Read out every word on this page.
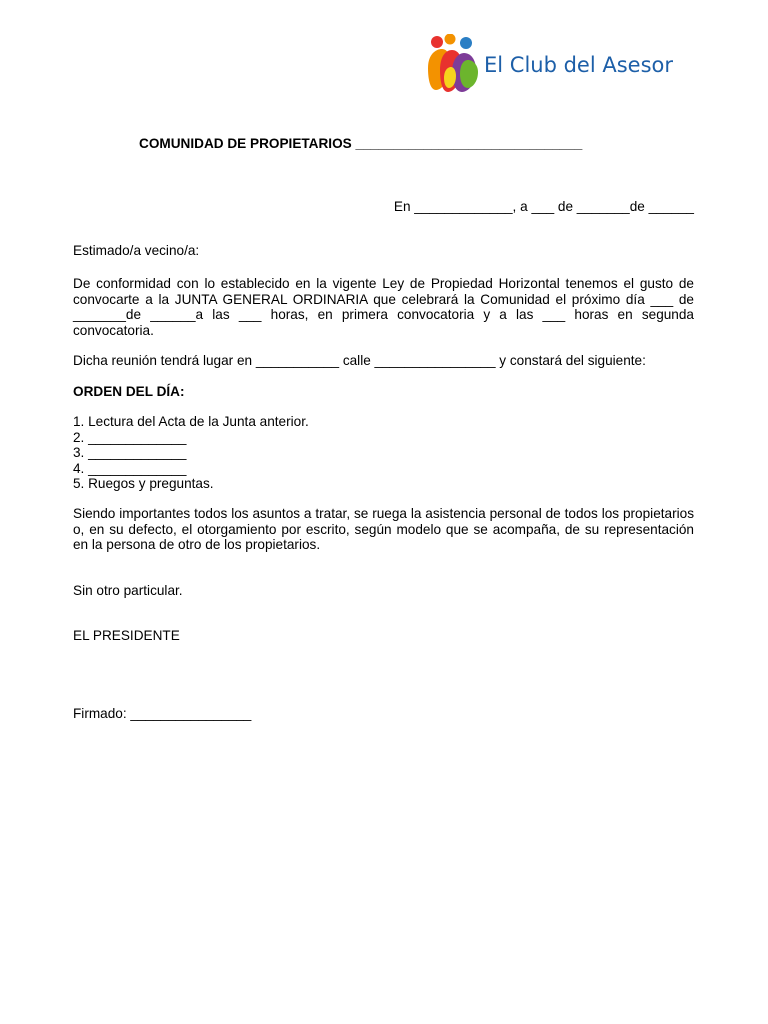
El Club del Asesor
COMUNIDAD DE PROPIETARIOS ______________________________
En _____________, a ___ de _______de ______
Estimado/a vecino/a:
De conformidad con lo establecido en la vigente Ley de Propiedad Horizontal tenemos el gusto de convocarte a la JUNTA GENERAL ORDINARIA que celebrará la Comunidad el próximo día ___ de _______de ______a las ___ horas, en primera convocatoria y a las ___ horas en segunda convocatoria.
Dicha reunión tendrá lugar en ___________ calle ________________ y constará del siguiente:
ORDEN DEL DÍA:
1. Lectura del Acta de la Junta anterior.
2. _____________
3. _____________
4. _____________
5. Ruegos y preguntas.
Siendo importantes todos los asuntos a tratar, se ruega la asistencia personal de todos los propietarios o, en su defecto, el otorgamiento por escrito, según modelo que se acompaña, de su representación en la persona de otro de los propietarios.
Sin otro particular.
EL PRESIDENTE
Firmado: ________________
